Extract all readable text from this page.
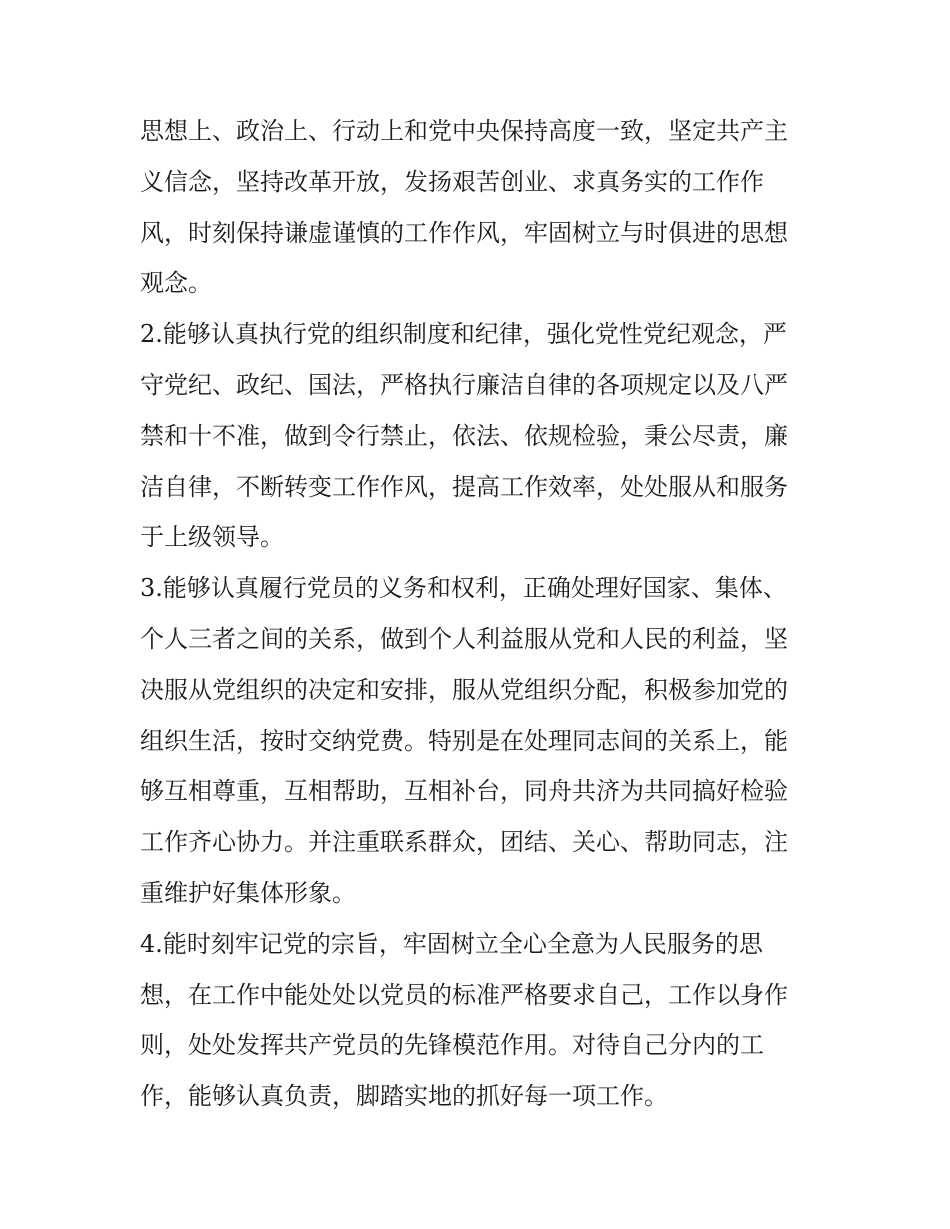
思想上、政治上、行动上和党中央保持高度一致，坚定共产主
义信念，坚持改革开放，发扬艰苦创业、求真务实的工作作
风，时刻保持谦虚谨慎的工作作风，牢固树立与时俱进的思想
观念。
2.能够认真执行党的组织制度和纪律，强化党性党纪观念，严
守党纪、政纪、国法，严格执行廉洁自律的各项规定以及八严
禁和十不准，做到令行禁止，依法、依规检验，秉公尽责，廉
洁自律，不断转变工作作风，提高工作效率，处处服从和服务
于上级领导。
3.能够认真履行党员的义务和权利，正确处理好国家、集体、
个人三者之间的关系，做到个人利益服从党和人民的利益，坚
决服从党组织的决定和安排，服从党组织分配，积极参加党的
组织生活，按时交纳党费。特别是在处理同志间的关系上，能
够互相尊重，互相帮助，互相补台，同舟共济为共同搞好检验
工作齐心协力。并注重联系群众，团结、关心、帮助同志，注
重维护好集体形象。
4.能时刻牢记党的宗旨，牢固树立全心全意为人民服务的思
想，在工作中能处处以党员的标准严格要求自己，工作以身作
则，处处发挥共产党员的先锋模范作用。对待自己分内的工
作，能够认真负责，脚踏实地的抓好每一项工作。
